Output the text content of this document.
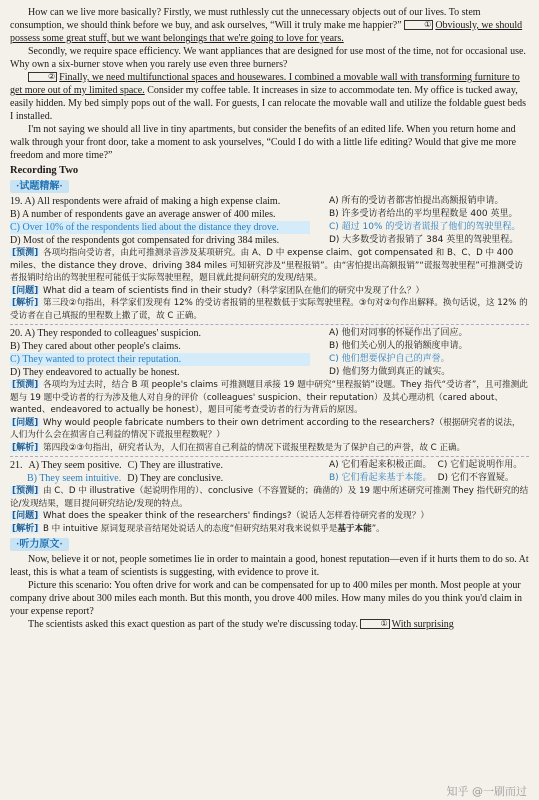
How can we live more basically? Firstly, we must ruthlessly cut the unnecessary objects out of our lives. To stem consumption, we should think before we buy, and ask ourselves, “Will it truly make me happier?”	① Obviously, we should possess some great stuff, but we want belongings that we're going to love for years.

Secondly, we require space efficiency. We want appliances that are designed for use most of the time, not for occasional use. Why own a six-burner stove when you rarely use even three burners?

② Finally, we need multifunctional spaces and housewares. I combined a movable wall with transforming furniture to get more out of my limited space. Consider my coffee table. It increases in size to accommodate ten. My office is tucked away, easily hidden. My bed simply pops out of the wall. For guests, I can relocate the movable wall and utilize the foldable guest beds I installed.

I'm not saying we should all live in tiny apartments, but consider the benefits of an edited life. When you return home and walk through your front door, take a moment to ask yourselves, “Could I do with a little life editing? Would that give me more freedom and more time?”

Recording Two
·试题精解·

19. A) All respondents were afraid of making a high expense claim.

B) A number of respondents gave an average answer of 400 miles.

C) Over 10% of the respondents lied about the distance they drove.

D) Most of the respondents got compensated for driving 384 miles.

A) 所有的受访者都害怕提出高额报销申请。

B) 许多受访者给出的平均里程数是 400 英里。

C) 超过 10% 的受访者谎报了他们的驾驶里程。

D) 大多数受访者报销了 384 英里的驾驶里程。

[预测] 各项均指向受访者，由此可推测录音涉及某项研究。由 A、D 中 expense claim、got compensated 和 B、C、D 中 400 miles、the distance they drove、driving 384 miles 可知研究涉及“里程报销”。由“害怕提出高额报销”“谎报驾驶里程”可推测受访者报销时给出的驾驶里程可能低于实际驾驶里程，题目就此提问研究的发现/结果。

[问题] What did a team of scientists find in their study?（科学家团队在他们的研究中发现了什么？）

[解析] 第三段②句指出，科学家们发现有 12% 的受访者报销的里程数低于实际驾驶里程。③句对②句作出解释。换句话说，这 12% 的受访者在自己填报的里程数上撒了谎，故 C 正确。

20. A) They responded to colleagues' suspicion.

B) They cared about other people's claims.

C) They wanted to protect their reputation.

D) They endeavored to actually be honest.

A) 他们对同事的怀疑作出了回应。

B) 他们关心别人的报销额度申请。

C) 他们想要保护自己的声誉。

D) 他们努力做到真正的诚实。

[预测] 各项均为过去时，结合 B 项 people's claims 可推测题目承接 19 题中研究“里程报销”设题。They 指代“受访者”，且可推测此题与 19 题中受访者的行为涉及他人对自身的评价（colleagues' suspicion、their reputation）及其心理动机（cared about、wanted、endeavored to actually be honest），题目可能考查受访者的行为背后的原因。

[问题] Why would people fabricate numbers to their own detriment according to the researchers?（根据研究者的说法，人们为什么会在损害自己利益的情况下谎报里程数呢？）

[解析] 第四段②③句指出，研究者认为，人们在损害自己利益的情况下谎报里程数是为了保护自己的声誉，故 C 正确。

21. A) They seem positive. C) They are illustrative.
B) They seem intuitive. D) They are conclusive.
A) 它们看起来积极正面。 C) 它们起说明作用。
B) 它们看起来基于本能。 D) 它们不容置疑。

[预测] 由 C、D 中 illustrative（起说明作用的）、conclusive（不容置疑的；确凿的）及 19 题中所述研究可推测 They 指代研究的结论/发现结果，题目提问研究结论/发现的特点。

[问题] What does the speaker think of the researchers' findings?（说话人怎样看待研究者的发现？）

[解析] B 中 intuitive 原词复现录音结尾处说话人的态度“但研究结果对我来说似乎是基于本能”。

·听力原文·

Now, believe it or not, people sometimes lie in order to maintain a good, honest reputation—even if it hurts them to do so. At least, this is what a team of scientists is suggesting, with evidence to prove it.

Picture this scenario: You often drive for work and can be compensated for up to 400 miles per month. Most people at your company drive about 300 miles each month. But this month, you drove 400 miles. How many miles do you think you'd claim in your expense report?

The scientists asked this exact question as part of the study we're discussing today.	① With surprising

知乎 @一刷而过
